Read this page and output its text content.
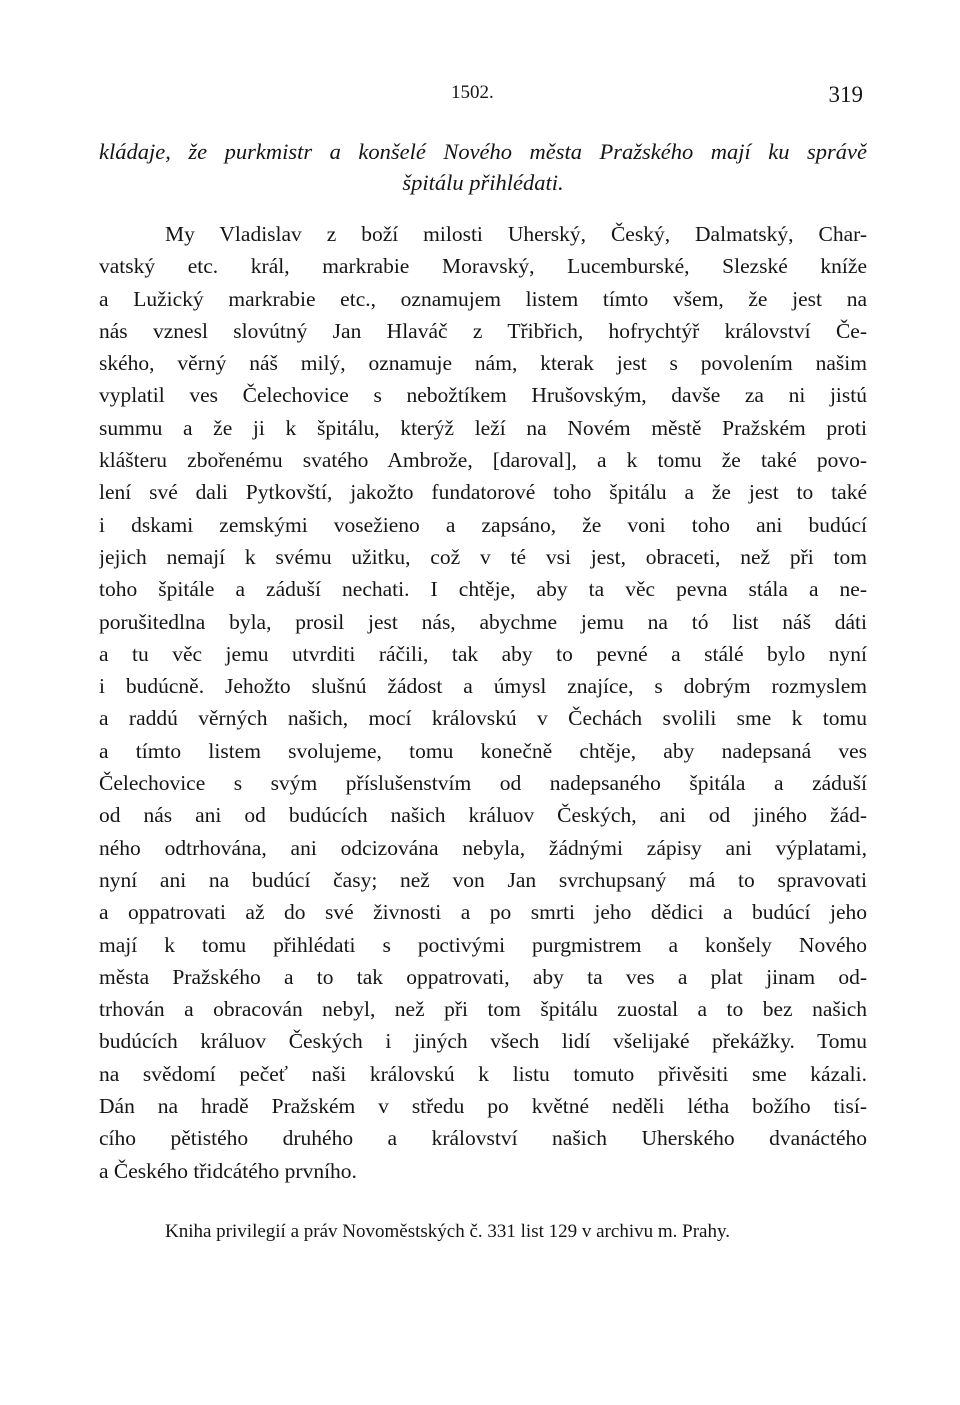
1502.	319
kládaje, že purkmistr a konšelé Nového města Pražského mají ku správě
špitálu přihlédati.
My Vladislav z boží milosti Uherský, Český, Dalmatský, Char-
vatský etc. král, markrabie Moravský, Lucemburské, Slezské kníže
a Lužický markrabie etc., oznamujem listem tímto všem, že jest na
nás vznesl slovútný Jan Hlaváč z Třibřich, hofrychtýř království Če-
ského, věrný náš milý, oznamuje nám, kterak jest s povolením našim
vyplatil ves Čelechovice s nebožtíkem Hrušovským, davše za ni jistú
summu a že ji k špitálu, kterýž leží na Novém městě Pražském proti
klášteru zbořenému svatého Ambrože, [daroval], a k tomu že také povo-
lení své dali Pytkovští, jakožto fundatorové toho špitálu a že jest to také
i dskami zemskými vosežieno a zapsáno, že voni toho ani budúcí
jejich nemají k svému užitku, což v té vsi jest, obraceti, než při tom
toho špitále a záduší nechati. I chtěje, aby ta věc pevna stála a ne-
porušitedlna byla, prosil jest nás, abychme jemu na tó list náš dáti
a tu věc jemu utvrditi ráčili, tak aby to pevné a stálé bylo nyní
i budúcně. Jehožto slušnú žádost a úmysl znajíce, s dobrým rozmyslem
a raddú věrných našich, mocí královskú v Čechách svolili sme k tomu
a tímto listem svolujeme, tomu konečně chtěje, aby nadepsaná ves
Čelechovice s svým příslušenstvím od nadepsaného špitála a záduší
od nás ani od budúcích našich králuov Českých, ani od jiného žád-
ného odtrhována, ani odcizována nebyla, žádnými zápisy ani výplatami,
nyní ani na budúcí časy; než von Jan svrchupsaný má to spravovati
a oppatrovati až do své živnosti a po smrti jeho dědici a budúcí jeho
mají k tomu přihlédati s poctivými purgmistrem a konšely Nového
města Pražského a to tak oppatrovati, aby ta ves a plat jinam od-
trhován a obracován nebyl, než při tom špitálu zuostal a to bez našich
budúcích králuov Českých i jiných všech lidí všelijaké překážky. Tomu
na svědomí pečeť naši královskú k listu tomuto přivěsiti sme kázali.
Dán na hradě Pražském v středu po květné neděli létha božího tisí-
cího pětistého druhého a království našich Uherského dvanáctého
a Českého třidcátého prvního.
Kniha privilegií a práv Novoměstských č. 331 list 129 v archivu m. Prahy.
